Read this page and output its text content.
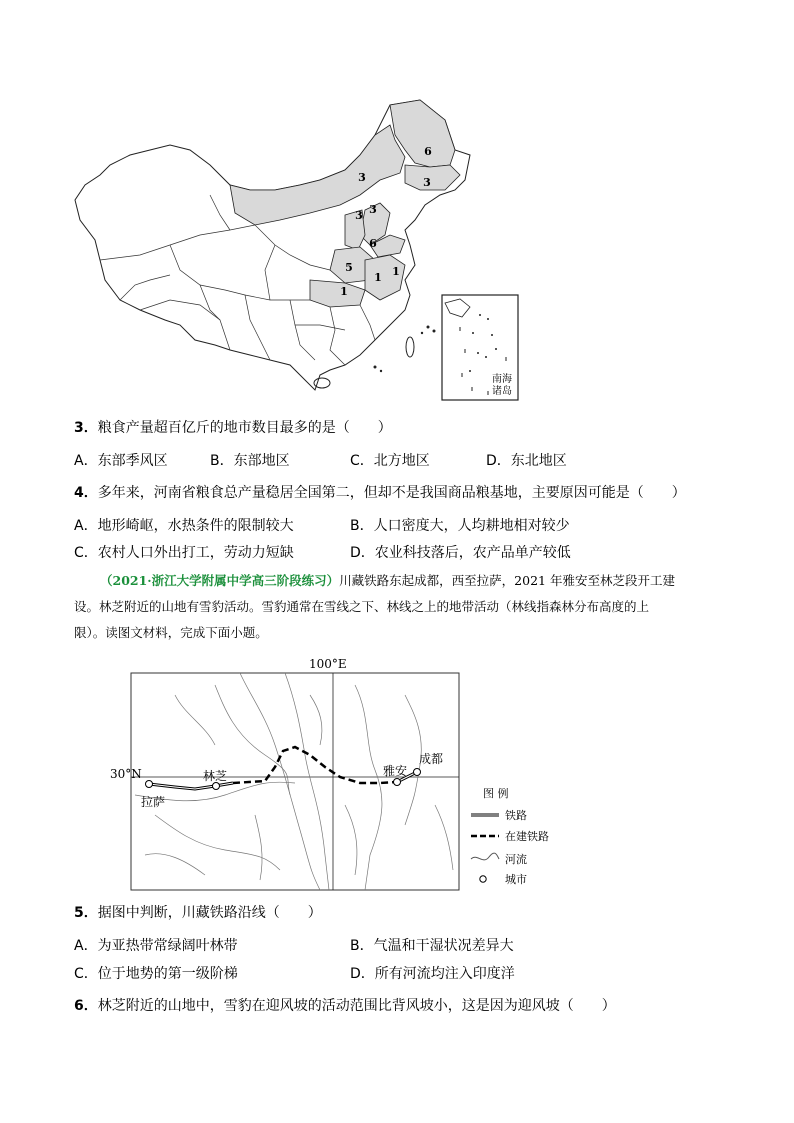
6
3	3
3 3
6
5
1
1 1
南海
诸岛
3．粮食产量超百亿斤的地市数目最多的是（　　）
A．东部季风区	B．东部地区	C．北方地区	D．东北地区
4．多年来，河南省粮食总产量稳居全国第二，但却不是我国商品粮基地，主要原因可能是（　　）
A．地形崎岖，水热条件的限制较大	B．人口密度大，人均耕地相对较少
C．农村人口外出打工，劳动力短缺	D．农业科技落后，农产品单产较低
（2021·浙江大学附属中学高三阶段练习）川藏铁路东起成都，西至拉萨，2021 年雅安至林芝段开工建
设。林芝附近的山地有雪豹活动。雪豹通常在雪线之下、林线之上的地带活动（林线指森林分布高度的上
限）。读图文材料，完成下面小题。
拉萨
林芝	雅安
成都
100°E
30°N
图 例
铁路
在建铁路
河流
城市
5．据图中判断，川藏铁路沿线（　　）
A．为亚热带常绿阔叶林带	B．气温和干湿状况差异大
C．位于地势的第一级阶梯	D．所有河流均注入印度洋
6．林芝附近的山地中，雪豹在迎风坡的活动范围比背风坡小，这是因为迎风坡（　　）
